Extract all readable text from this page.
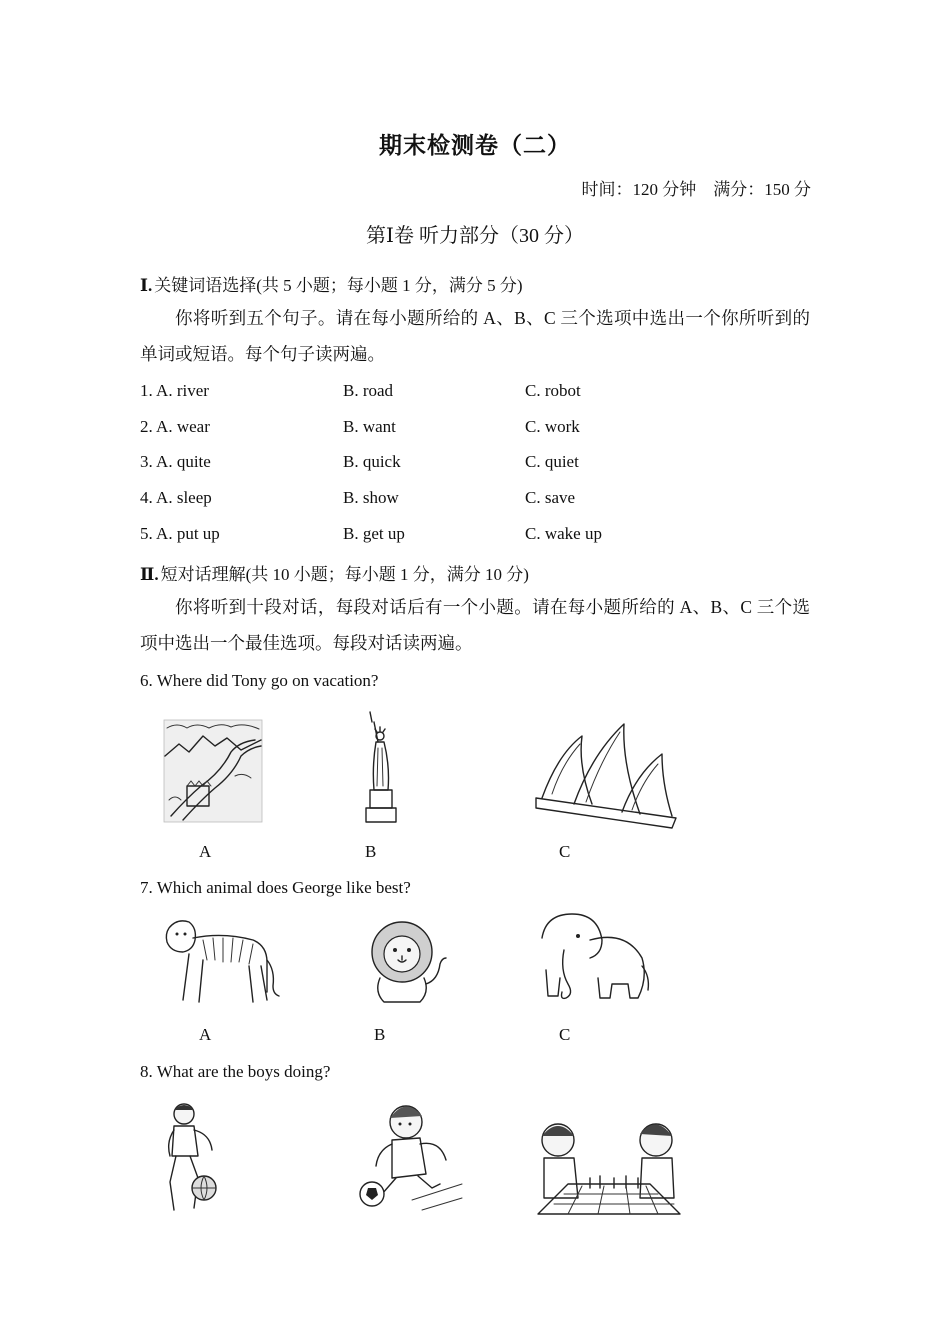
期末检测卷（二）
时间：120 分钟　满分：150 分
第Ⅰ卷 听力部分（30 分）
Ⅰ. 关键词语选择(共 5 小题；每小题 1 分，满分 5 分)
你将听到五个句子。请在每小题所给的 A、B、C 三个选项中选出一个你所听到的单词或短语。每个句子读两遍。
1. A. river	B. road	C. robot
2. A. wear	B. want	C. work
3. A. quite	B. quick	C. quiet
4. A. sleep	B. show	C. save
5. A. put up	B. get up	C. wake up
Ⅱ. 短对话理解(共 10 小题；每小题 1 分，满分 10 分)
你将听到十段对话，每段对话后有一个小题。请在每小题所给的 A、B、C 三个选项中选出一个最佳选项。每段对话读两遍。
6. Where did Tony go on vacation?
A	B	C
7. Which animal does George like best?
A	B	C
8. What are the boys doing?
